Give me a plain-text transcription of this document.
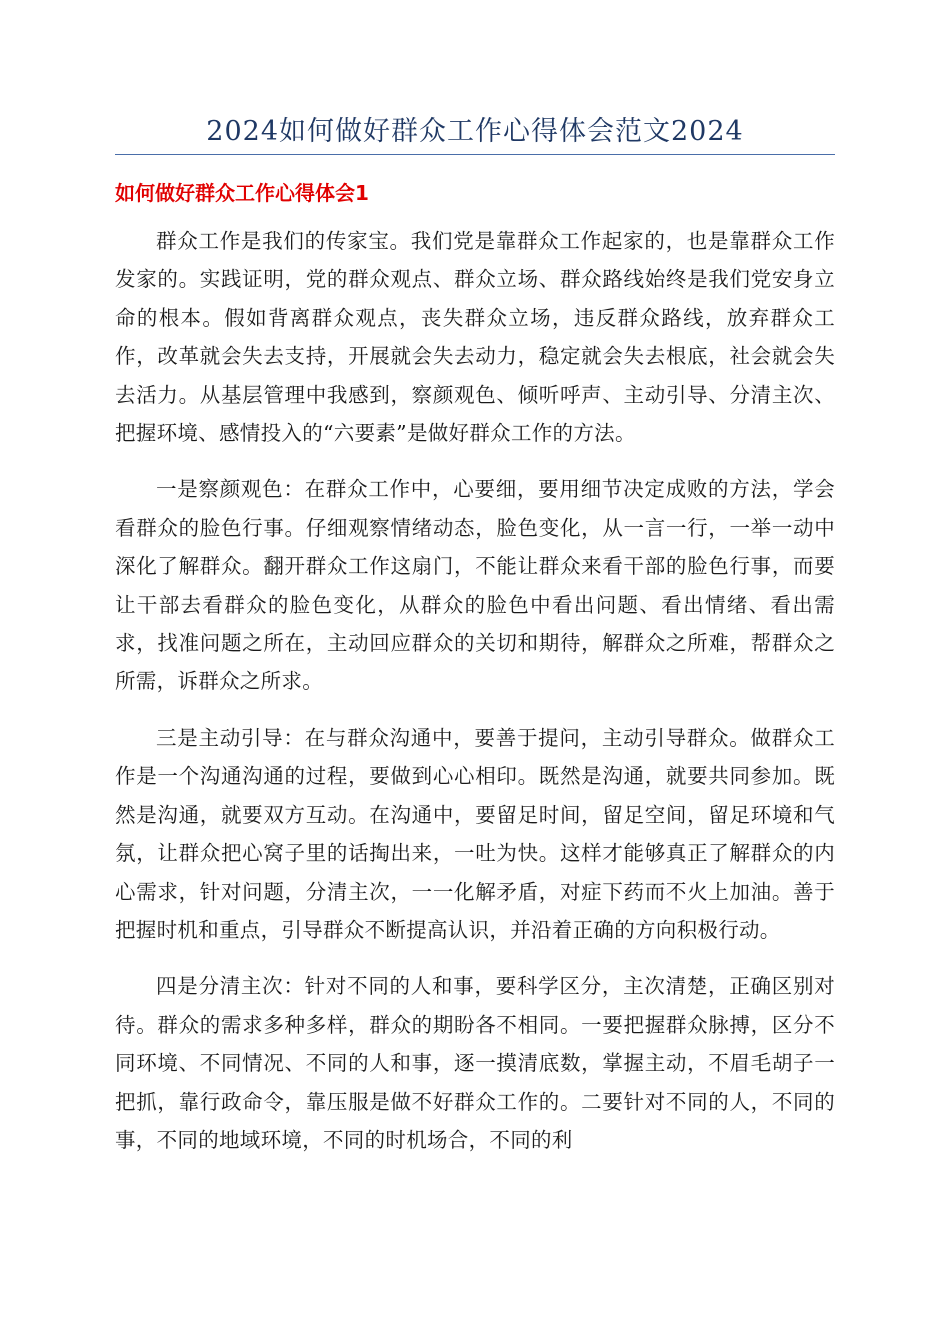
2024如何做好群众工作心得体会范文2024
如何做好群众工作心得体会1

群众工作是我们的传家宝。我们党是靠群众工作起家的，也是靠群众工作发家的。实践证明，党的群众观点、群众立场、群众路线始终是我们党安身立命的根本。假如背离群众观点，丧失群众立场，违反群众路线，放弃群众工作，改革就会失去支持，开展就会失去动力，稳定就会失去根底，社会就会失去活力。从基层管理中我感到，察颜观色、倾听呼声、主动引导、分清主次、把握环境、感情投入的“六要素”是做好群众工作的方法。

一是察颜观色：在群众工作中，心要细，要用细节决定成败的方法，学会看群众的脸色行事。仔细观察情绪动态，脸色变化，从一言一行，一举一动中深化了解群众。翻开群众工作这扇门，不能让群众来看干部的脸色行事，而要让干部去看群众的脸色变化，从群众的脸色中看出问题、看出情绪、看出需求，找准问题之所在，主动回应群众的关切和期待，解群众之所难，帮群众之所需，诉群众之所求。

三是主动引导：在与群众沟通中，要善于提问，主动引导群众。做群众工作是一个沟通沟通的过程，要做到心心相印。既然是沟通，就要共同参加。既然是沟通，就要双方互动。在沟通中，要留足时间，留足空间，留足环境和气氛，让群众把心窝子里的话掏出来，一吐为快。这样才能够真正了解群众的内心需求，针对问题，分清主次，一一化解矛盾，对症下药而不火上加油。善于把握时机和重点，引导群众不断提高认识，并沿着正确的方向积极行动。

四是分清主次：针对不同的人和事，要科学区分，主次清楚，正确区别对待。群众的需求多种多样，群众的期盼各不相同。一要把握群众脉搏，区分不同环境、不同情况、不同的人和事，逐一摸清底数，掌握主动，不眉毛胡子一把抓，靠行政命令，靠压服是做不好群众工作的。二要针对不同的人，不同的事，不同的地域环境，不同的时机场合，不同的利
